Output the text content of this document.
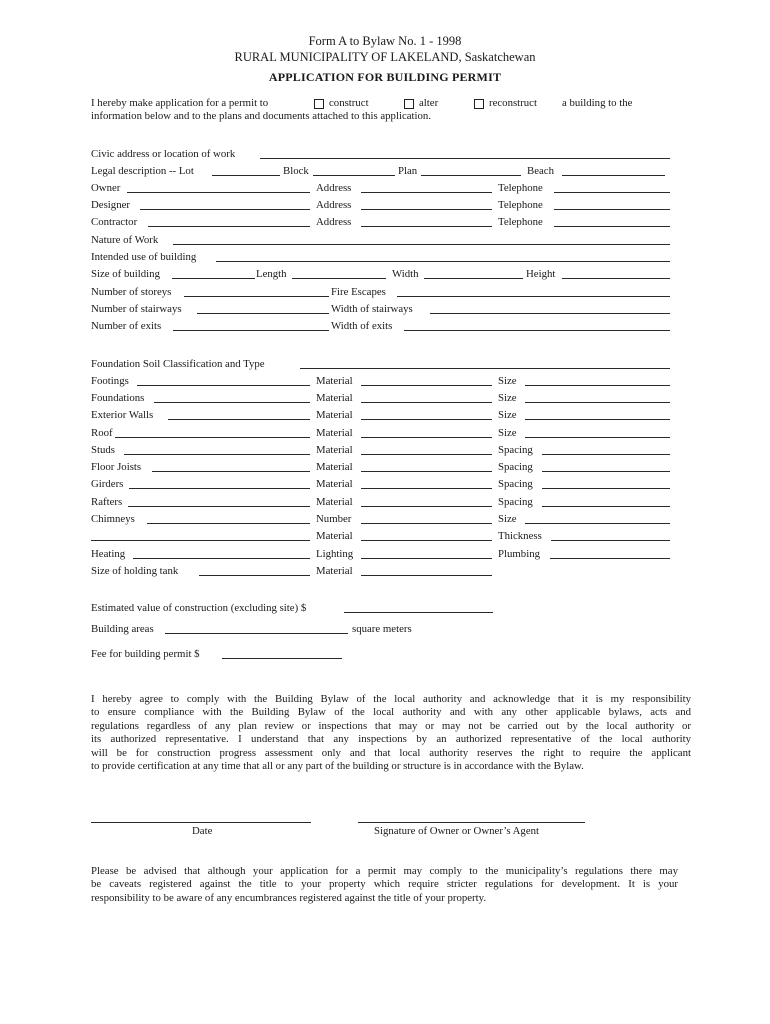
Form A to Bylaw No. 1 - 1998
RURAL MUNICIPALITY OF LAKELAND, Saskatchewan
APPLICATION FOR BUILDING PERMIT
I hereby make application for a permit to	construct	alter	reconstruct a building to the
information below and to the plans and documents attached to this application.
Civic address or location of work
Legal description -- Lot	Block	Plan	Beach
Owner	Address	Telephone
Designer	Address	Telephone
Contractor	Address	Telephone
Nature of Work
Intended use of building
Size of building	Length	Width	Height
Number of storeys	Fire Escapes
Number of stairways	Width of stairways
Number of exits	Width of exits
Foundation Soil Classification and Type
Footings	Material	Size
Foundations	Material	Size
Exterior Walls	Material	Size
Roof	Material	Size
Studs	Material	Spacing
Floor Joists	Material	Spacing
Girders	Material	Spacing
Rafters	Material	Spacing
Chimneys	Number	Size
Material	Thickness
Heating	Lighting	Plumbing
Size of holding tank	Material
Estimated value of construction (excluding site) $
Building areas	square meters
Fee for building permit $
I hereby agree to comply with the Building Bylaw of the local authority and acknowledge that it is my responsibility
to ensure compliance with the Building Bylaw of the local authority and with any other applicable bylaws, acts and
regulations regardless of any plan review or inspections that may or may not be carried out by the local authority or
its authorized representative. I understand that any inspections by an authorized representative of the local authority
will be for construction progress assessment only and that local authority reserves the right to require the applicant
to provide certification at any time that all or any part of the building or structure is in accordance with the Bylaw.
Date	Signature of Owner or Owner’s Agent
Please be advised that although your application for a permit may comply to the municipality’s regulations there may
be caveats registered against the title to your property which require stricter regulations for development. It is your
responsibility to be aware of any encumbrances registered against the title of your property.
